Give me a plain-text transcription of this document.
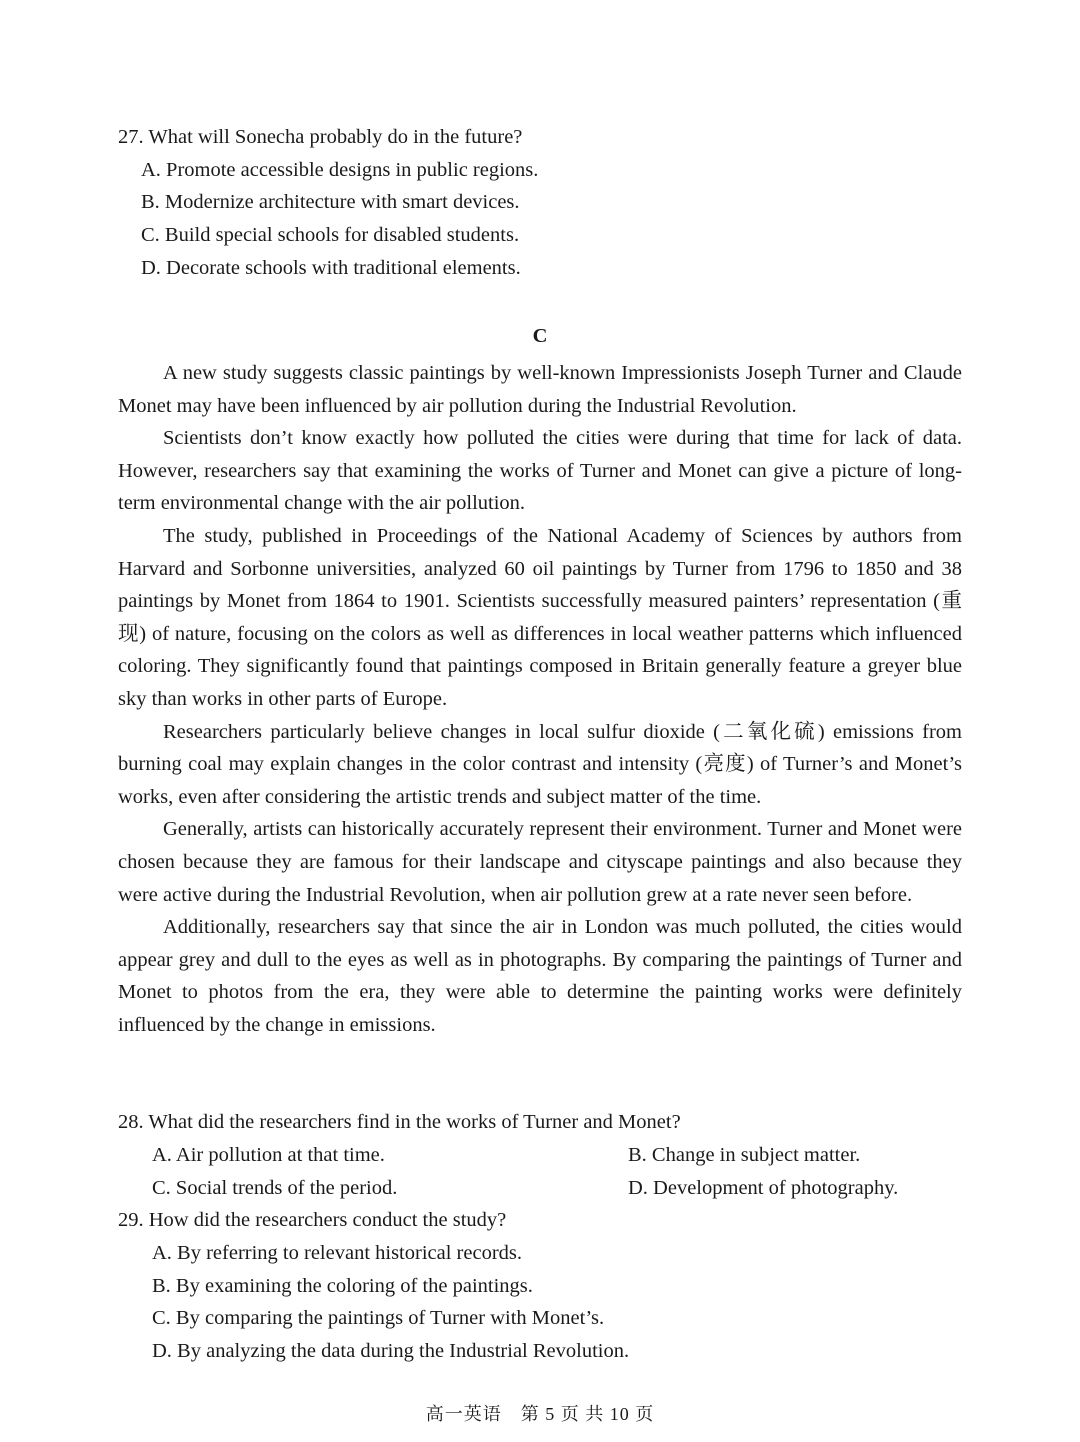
27. What will Sonecha probably do in the future?
A. Promote accessible designs in public regions.
B. Modernize architecture with smart devices.
C. Build special schools for disabled students.
D. Decorate schools with traditional elements.
C

A new study suggests classic paintings by well-known Impressionists Joseph Turner and Claude Monet may have been influenced by air pollution during the Industrial Revolution.

Scientists don’t know exactly how polluted the cities were during that time for lack of data. However, researchers say that examining the works of Turner and Monet can give a picture of long-term environmental change with the air pollution.

The study, published in Proceedings of the National Academy of Sciences by authors from Harvard and Sorbonne universities, analyzed 60 oil paintings by Turner from 1796 to 1850 and 38 paintings by Monet from 1864 to 1901. Scientists successfully measured painters’ representation (重现) of nature, focusing on the colors as well as differences in local weather patterns which influenced coloring. They significantly found that paintings composed in Britain generally feature a greyer blue sky than works in other parts of Europe.

Researchers particularly believe changes in local sulfur dioxide (二氧化硫) emissions from burning coal may explain changes in the color contrast and intensity (亮度) of Turner’s and Monet’s works, even after considering the artistic trends and subject matter of the time.

Generally, artists can historically accurately represent their environment. Turner and Monet were chosen because they are famous for their landscape and cityscape paintings and also because they were active during the Industrial Revolution, when air pollution grew at a rate never seen before.

Additionally, researchers say that since the air in London was much polluted, the cities would appear grey and dull to the eyes as well as in photographs. By comparing the paintings of Turner and Monet to photos from the era, they were able to determine the painting works were definitely influenced by the change in emissions.

28. What did the researchers find in the works of Turner and Monet?
A. Air pollution at that time.	B. Change in subject matter.
C. Social trends of the period.	D. Development of photography.
29. How did the researchers conduct the study?
A. By referring to relevant historical records.
B. By examining the coloring of the paintings.
C. By comparing the paintings of Turner with Monet’s.
D. By analyzing the data during the Industrial Revolution.
高一英语　第 5 页 共 10 页
